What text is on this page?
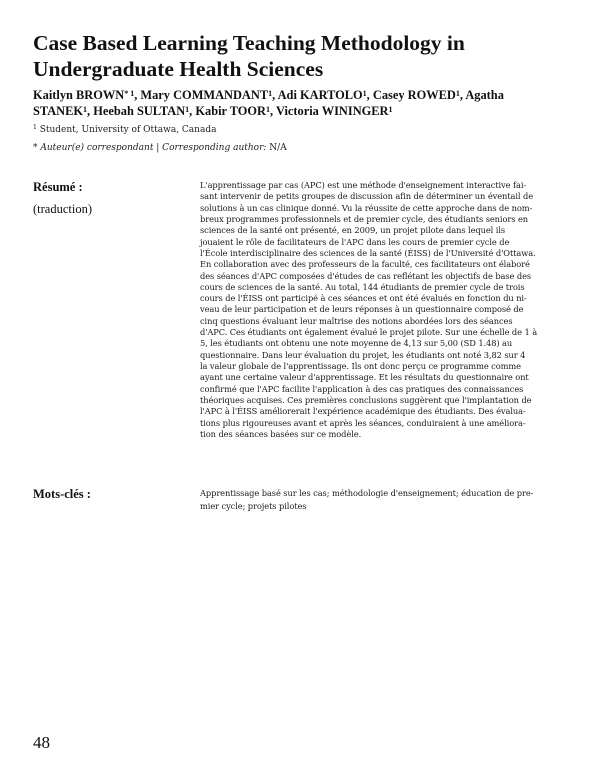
Case Based Learning Teaching Methodology in
Undergraduate Health Sciences

Kaitlyn BROWN$^{* 1}$, Mary COMMANDANT$^1$, Adi KARTOLO$^1$, Casey ROWED$^1$, Agatha
STANEK$^1$, Heebah SULTAN$^1$, Kabir TOOR$^1$, Victoria WININGER$^1$

$^1$ Student, University of Ottawa, Canada

* Auteur(e) correspondant | Corresponding author: N/A

Résumé :

(traduction)

L'apprentissage par cas (APC) est une méthode d'enseignement interactive fai-
sant intervenir de petits groupes de discussion afin de déterminer un éventail de
solutions à un cas clinique donné. Vu la réussite de cette approche dans de nom-
breux programmes professionnels et de premier cycle, des étudiants seniors en
sciences de la santé ont présenté, en 2009, un projet pilote dans lequel ils
jouaient le rôle de facilitateurs de l'APC dans les cours de premier cycle de
l'École interdisciplinaire des sciences de la santé (ÉISS) de l'Université d'Ottawa.
En collaboration avec des professeurs de la faculté, ces facilitateurs ont élaboré
des séances d'APC composées d'études de cas reflétant les objectifs de base des
cours de sciences de la santé. Au total, 144 étudiants de premier cycle de trois
cours de l'ÉISS ont participé à ces séances et ont été évalués en fonction du ni-
veau de leur participation et de leurs réponses à un questionnaire composé de
cinq questions évaluant leur maîtrise des notions abordées lors des séances
d'APC. Ces étudiants ont également évalué le projet pilote. Sur une échelle de 1 à
5, les étudiants ont obtenu une note moyenne de 4,13 sur 5,00 (SD 1.48) au
questionnaire. Dans leur évaluation du projet, les étudiants ont noté 3,82 sur 4
la valeur globale de l'apprentissage. Ils ont donc perçu ce programme comme
ayant une certaine valeur d'apprentissage. Et les résultats du questionnaire ont
confirmé que l'APC facilite l'application à des cas pratiques des connaissances
théoriques acquises. Ces premières conclusions suggèrent que l'implantation de
l'APC à l'ÉISS améliorerait l'expérience académique des étudiants. Des évalua-
tions plus rigoureuses avant et après les séances, conduiraient à une améliora-
tion des séances basées sur ce modèle.

Mots-clés :	Apprentissage basé sur les cas; méthodologie d'enseignement; éducation de pre-
mier cycle; projets pilotes

48
